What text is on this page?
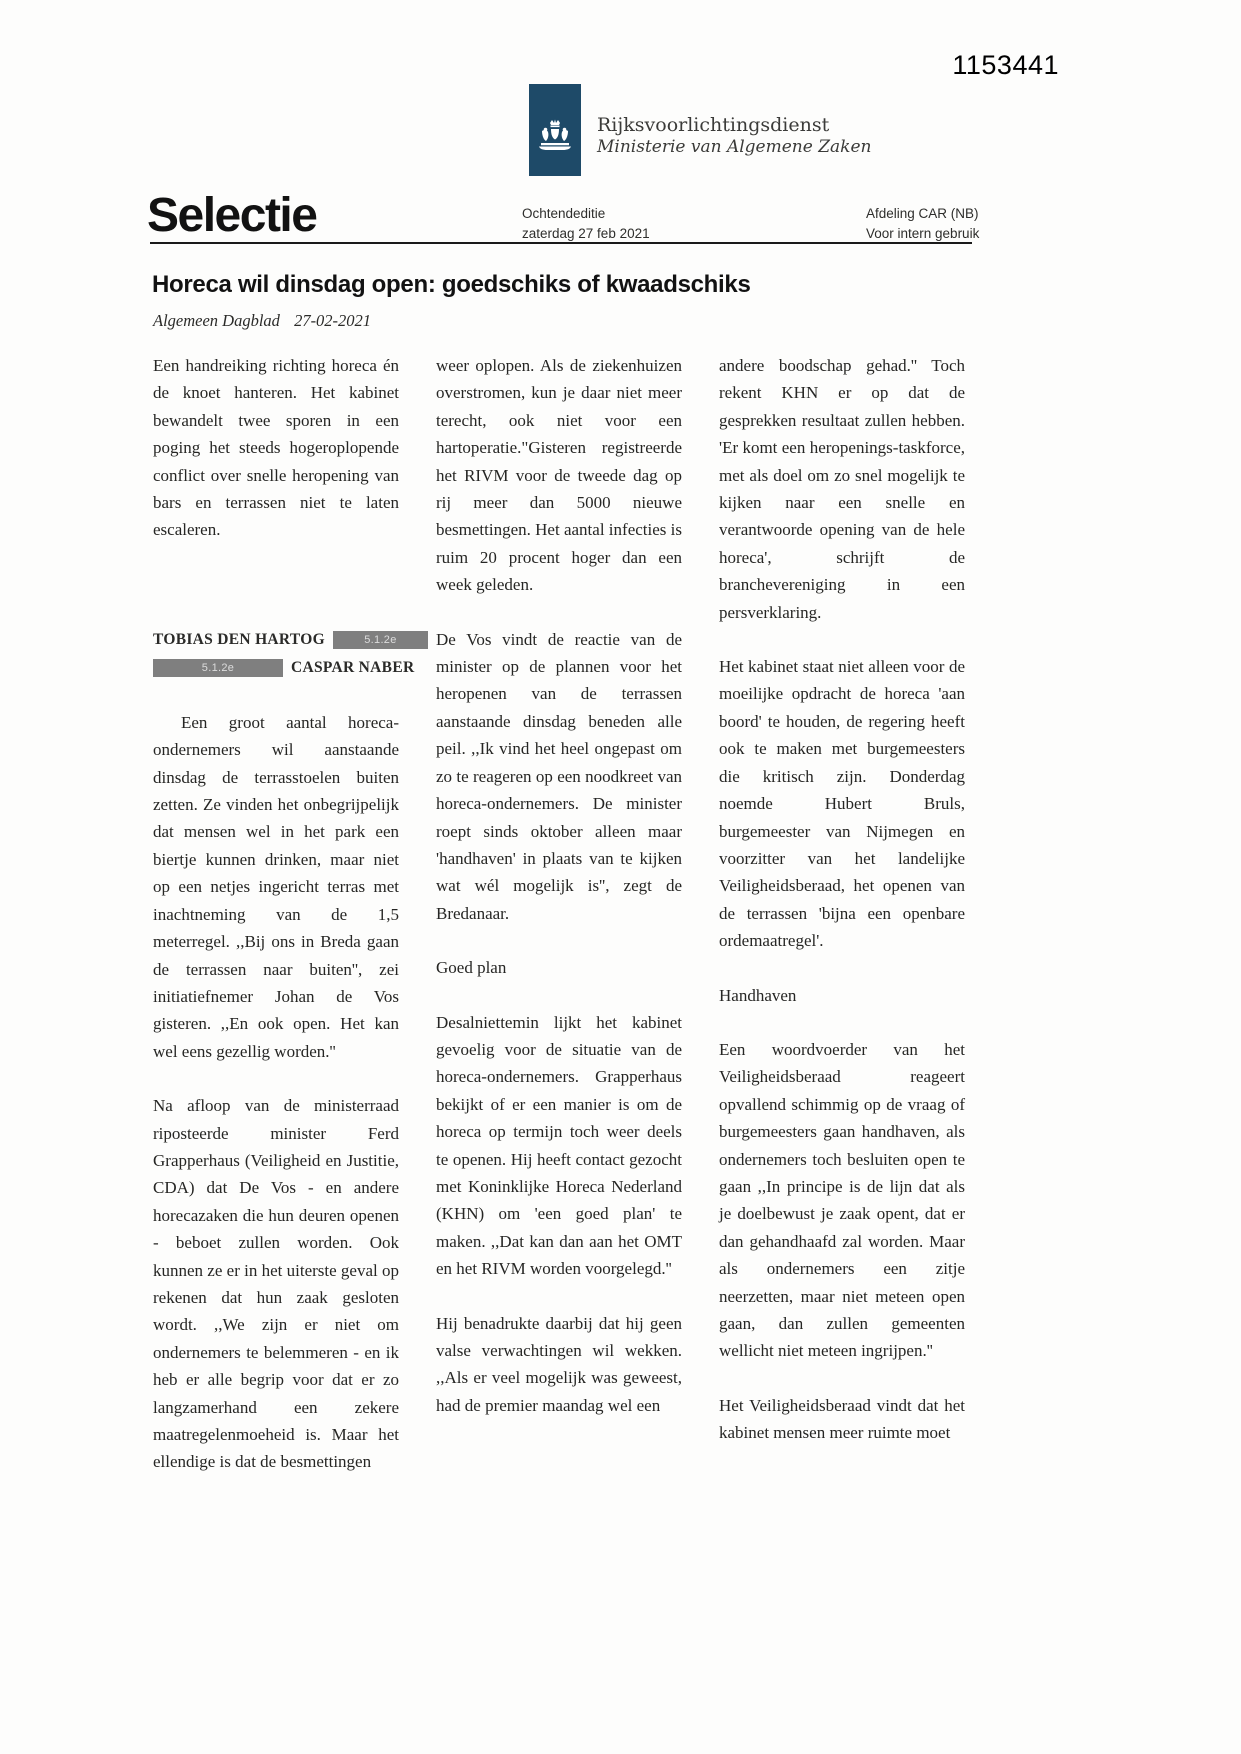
1153441
Rijksvoorlichtingsdienst
Ministerie van Algemene Zaken
Selectie	Ochtendeditie
zaterdag 27 feb 2021
Afdeling CAR (NB)
Voor intern gebruik
Horeca wil dinsdag open: goedschiks of kwaadschiks
Algemeen Dagblad 27-02-2021

Een handreiking richting horeca én de knoet hanteren. Het kabinet bewandelt twee sporen in een poging het steeds hogeroplopende conflict over snelle heropening van bars en terrassen niet te laten escaleren.

TOBIAS DEN HARTOG	5.1.2e
5.1.2e	CASPAR NABER

Een groot aantal horeca-ondernemers wil aanstaande dinsdag de terrasstoelen buiten zetten. Ze vinden het onbegrijpelijk dat mensen wel in het park een biertje kunnen drinken, maar niet op een netjes ingericht terras met inachtneming van de 1,5 meterregel. ,,Bij ons in Breda gaan de terrassen naar buiten'', zei initiatiefnemer Johan de Vos gisteren. ,,En ook open. Het kan wel eens gezellig worden.''

Na afloop van de ministerraad riposteerde minister Ferd Grapperhaus (Veiligheid en Justitie, CDA) dat De Vos - en andere horecazaken die hun deuren openen - beboet zullen worden. Ook kunnen ze er in het uiterste geval op rekenen dat hun zaak gesloten wordt. ,,We zijn er niet om ondernemers te belemmeren - en ik heb er alle begrip voor dat er zo langzamerhand een zekere maatregelenmoeheid is. Maar het ellendige is dat de besmettingen

weer oplopen. Als de ziekenhuizen overstromen, kun je daar niet meer terecht, ook niet voor een hartoperatie."Gisteren registreerde het RIVM voor de tweede dag op rij meer dan 5000 nieuwe besmettingen. Het aantal infecties is ruim 20 procent hoger dan een week geleden.

De Vos vindt de reactie van de minister op de plannen voor het heropenen van de terrassen aanstaande dinsdag beneden alle peil. ,,Ik vind het heel ongepast om zo te reageren op een noodkreet van horeca-ondernemers. De minister roept sinds oktober alleen maar 'handhaven' in plaats van te kijken wat wél mogelijk is'', zegt de Bredanaar.

Goed plan

Desalniettemin lijkt het kabinet gevoelig voor de situatie van de horeca-ondernemers. Grapperhaus bekijkt of er een manier is om de horeca op termijn toch weer deels te openen. Hij heeft contact gezocht met Koninklijke Horeca Nederland (KHN) om 'een goed plan' te maken. ,,Dat kan dan aan het OMT en het RIVM worden voorgelegd.''

Hij benadrukte daarbij dat hij geen valse verwachtingen wil wekken. ,,Als er veel mogelijk was geweest, had de premier maandag wel een

andere boodschap gehad.'' Toch rekent KHN er op dat de gesprekken resultaat zullen hebben. 'Er komt een heropenings-taskforce, met als doel om zo snel mogelijk te kijken naar een snelle en verantwoorde opening van de hele horeca', schrijft de branchevereniging in een persverklaring.

Het kabinet staat niet alleen voor de moeilijke opdracht de horeca 'aan boord' te houden, de regering heeft ook te maken met burgemeesters die kritisch zijn. Donderdag noemde Hubert Bruls, burgemeester van Nijmegen en voorzitter van het landelijke Veiligheidsberaad, het openen van de terrassen 'bijna een openbare ordemaatregel'.

Handhaven

Een woordvoerder van het Veiligheidsberaad reageert opvallend schimmig op de vraag of burgemeesters gaan handhaven, als ondernemers toch besluiten open te gaan ,,In principe is de lijn dat als je doelbewust je zaak opent, dat er dan gehandhaafd zal worden. Maar als ondernemers een zitje neerzetten, maar niet meteen open gaan, dan zullen gemeenten wellicht niet meteen ingrijpen.''

Het Veiligheidsberaad vindt dat het kabinet mensen meer ruimte moet
